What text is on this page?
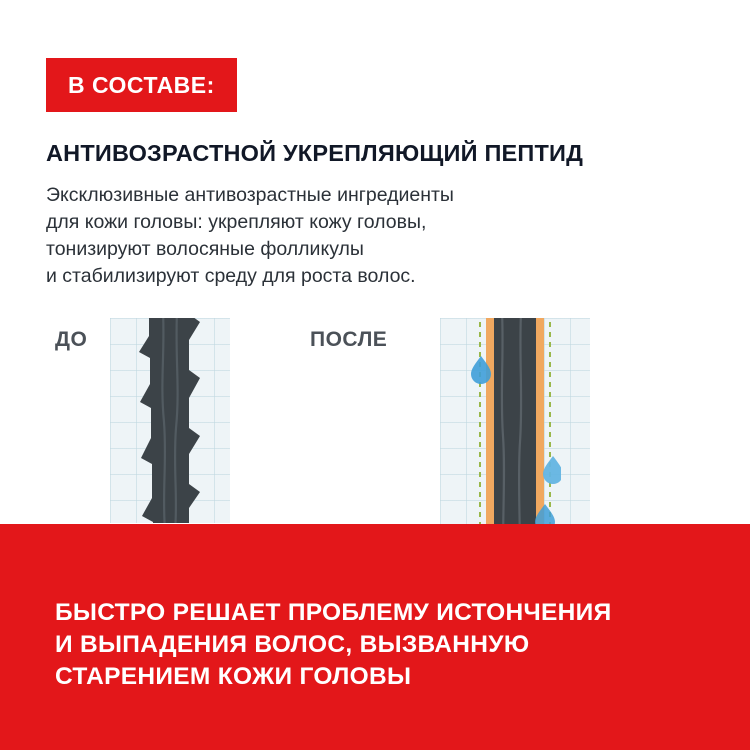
В СОСТАВЕ:
АНТИВОЗРАСТНОЙ УКРЕПЛЯЮЩИЙ ПЕПТИД

Эксклюзивные антивозрастные ингредиенты

для кожи головы: укрепляют кожу головы,

тонизируют волосяные фолликулы

и стабилизируют среду для роста волос.

ДО	ПОСЛЕ
БЫСТРО РЕШАЕТ ПРОБЛЕМУ ИСТОНЧЕНИЯ
И ВЫПАДЕНИЯ ВОЛОС, ВЫЗВАННУЮ
СТАРЕНИЕМ КОЖИ ГОЛОВЫ
